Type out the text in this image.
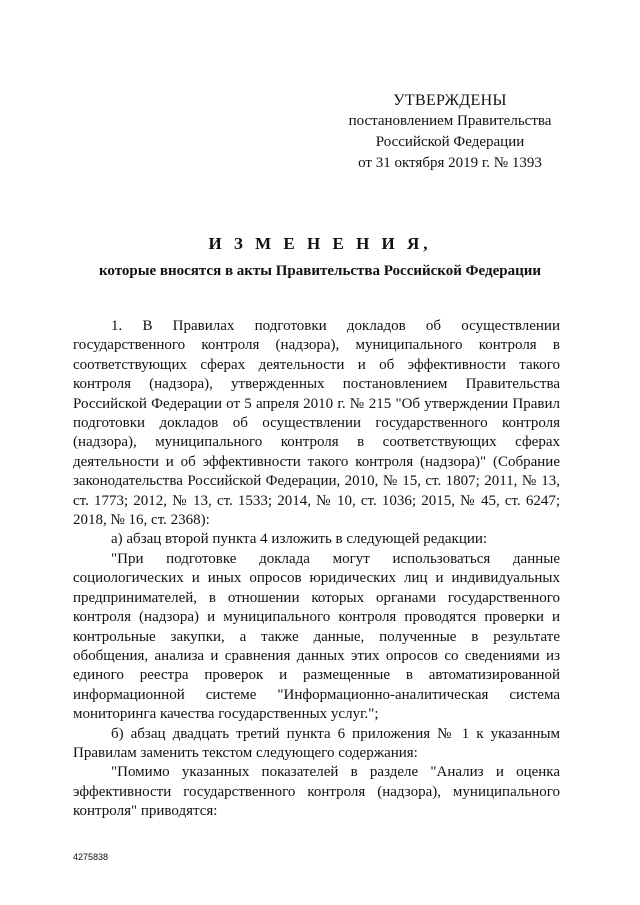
УТВЕРЖДЕНЫ
постановлением Правительства
Российской Федерации
от 31 октября 2019 г. № 1393
И З М Е Н Е Н И Я,
которые вносятся в акты Правительства Российской Федерации

1. В Правилах подготовки докладов об осуществлении государственного контроля (надзора), муниципального контроля в соответствующих сферах деятельности и об эффективности такого контроля (надзора), утвержденных постановлением Правительства Российской Федерации от 5 апреля 2010 г. № 215 "Об утверждении Правил подготовки докладов об осуществлении государственного контроля (надзора), муниципального контроля в соответствующих сферах деятельности и об эффективности такого контроля (надзора)" (Собрание законодательства Российской Федерации, 2010, № 15, ст. 1807; 2011, № 13, ст. 1773; 2012, № 13, ст. 1533; 2014, № 10, ст. 1036; 2015, № 45, ст. 6247; 2018, № 16, ст. 2368):

а) абзац второй пункта 4 изложить в следующей редакции:

"При подготовке доклада могут использоваться данные социологических и иных опросов юридических лиц и индивидуальных предпринимателей, в отношении которых органами государственного контроля (надзора) и муниципального контроля проводятся проверки и контрольные закупки, а также данные, полученные в результате обобщения, анализа и сравнения данных этих опросов со сведениями из единого реестра проверок и размещенные в автоматизированной информационной системе "Информационно-аналитическая система мониторинга качества государственных услуг.";

б) абзац двадцать третий пункта 6 приложения № 1 к указанным Правилам заменить текстом следующего содержания:

"Помимо указанных показателей в разделе "Анализ и оценка эффективности государственного контроля (надзора), муниципального контроля" приводятся:

4275838
